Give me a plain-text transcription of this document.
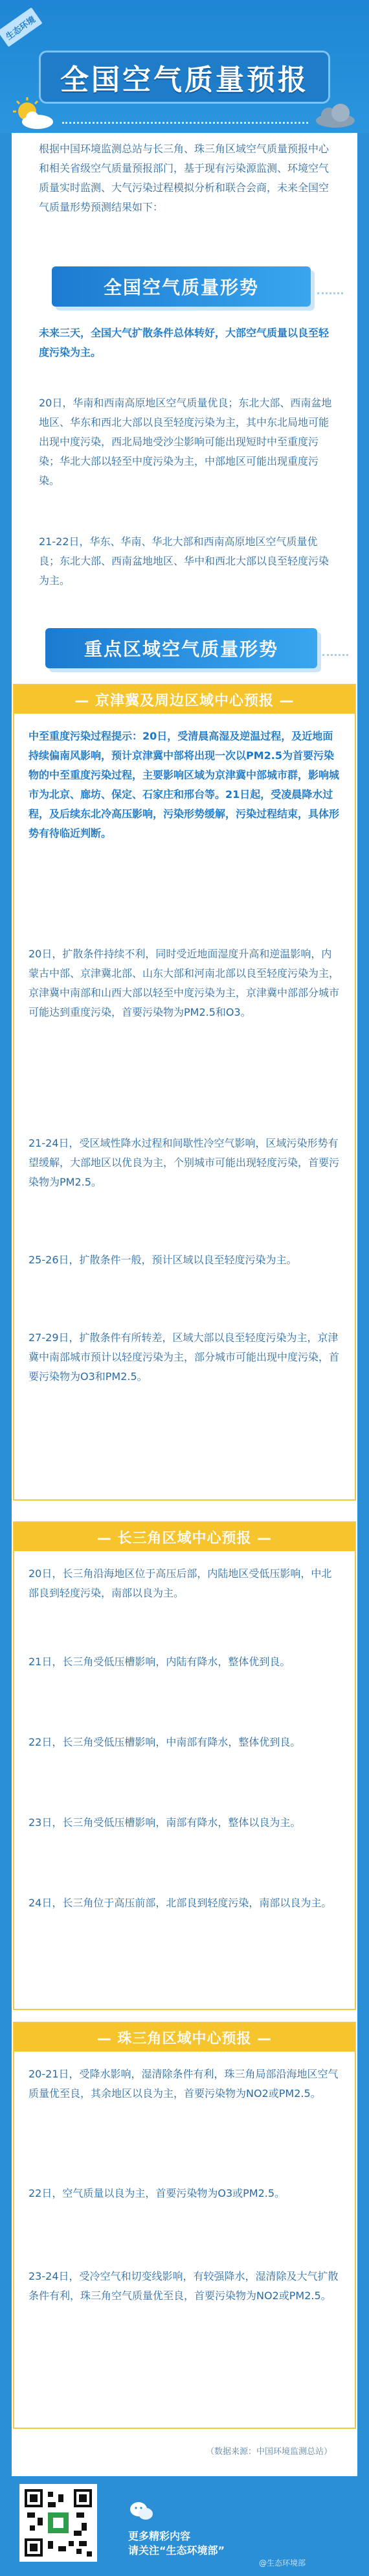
生态环境
全国空气质量预报

根据中国环境监测总站与长三角、珠三角区域空气质量预报中心和相关省级空气质量预报部门，基于现有污染源监测、环境空气质量实时监测、大气污染过程模拟分析和联合会商，未来全国空气质量形势预测结果如下：

全国空气质量形势

未来三天，全国大气扩散条件总体转好，大部空气质量以良至轻度污染为主。

20日，华南和西南高原地区空气质量优良；东北大部、西南盆地地区、华东和西北大部以良至轻度污染为主，其中东北局地可能出现中度污染，西北局地受沙尘影响可能出现短时中至重度污染；华北大部以轻至中度污染为主，中部地区可能出现重度污染。

21-22日，华东、华南、华北大部和西南高原地区空气质量优良；东北大部、西南盆地地区、华中和西北大部以良至轻度污染为主。

重点区域空气质量形势
— 京津冀及周边区域中心预报 —

中至重度污染过程提示：20日，受清晨高湿及逆温过程，及近地面持续偏南风影响，预计京津冀中部将出现一次以PM2.5为首要污染物的中至重度污染过程，主要影响区域为京津冀中部城市群，影响城市为北京、廊坊、保定、石家庄和邢台等。21日起，受凌晨降水过程，及后续东北冷高压影响，污染形势缓解，污染过程结束，具体形势有待临近判断。

20日，扩散条件持续不利，同时受近地面湿度升高和逆温影响，内蒙古中部、京津冀北部、山东大部和河南北部以良至轻度污染为主，京津冀中南部和山西大部以轻至中度污染为主，京津冀中部部分城市可能达到重度污染，首要污染物为PM2.5和O3。

21-24日，受区域性降水过程和间歇性冷空气影响，区域污染形势有望缓解，大部地区以优良为主，个别城市可能出现轻度污染，首要污染物为PM2.5。

25-26日，扩散条件一般，预计区域以良至轻度污染为主。

27-29日，扩散条件有所转差，区域大部以良至轻度污染为主，京津冀中南部城市预计以轻度污染为主，部分城市可能出现中度污染，首要污染物为O3和PM2.5。

— 长三角区域中心预报 —

20日，长三角沿海地区位于高压后部，内陆地区受低压影响，中北部良到轻度污染，南部以良为主。

21日，长三角受低压槽影响，内陆有降水，整体优到良。

22日，长三角受低压槽影响，中南部有降水，整体优到良。

23日，长三角受低压槽影响，南部有降水，整体以良为主。

24日，长三角位于高压前部，北部良到轻度污染，南部以良为主。

— 珠三角区域中心预报 —

20-21日，受降水影响，湿清除条件有利，珠三角局部沿海地区空气质量优至良，其余地区以良为主，首要污染物为NO2或PM2.5。

22日，空气质量以良为主，首要污染物为O3或PM2.5。

23-24日，受冷空气和切变线影响，有较强降水，湿清除及大气扩散条件有利，珠三角空气质量优至良，首要污染物为NO2或PM2.5。

（数据来源：中国环境监测总站）

更多精彩内容

请关注“生态环境部”

@生态环境部
